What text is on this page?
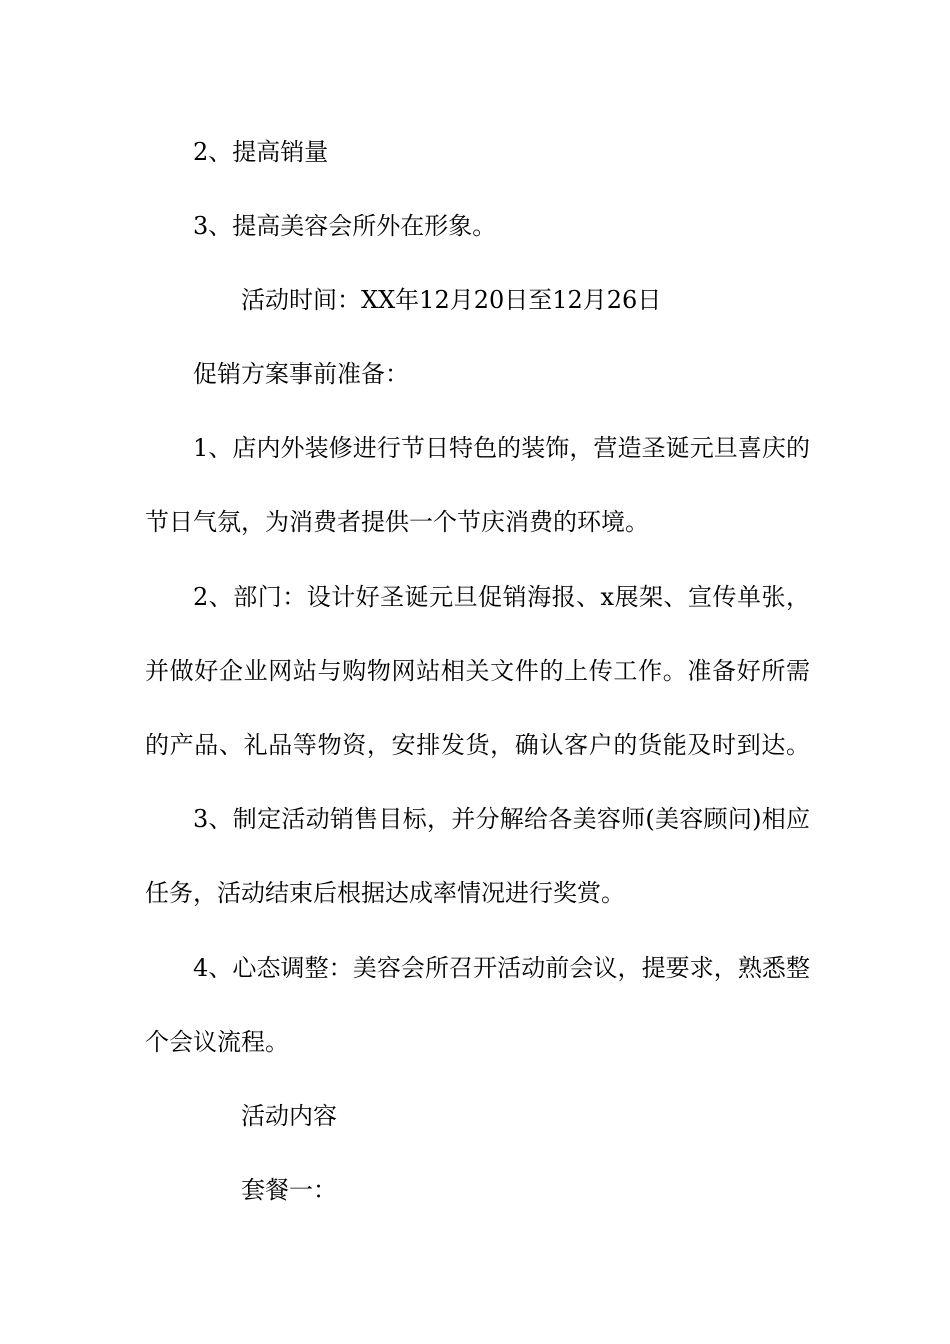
2、提高销量
3、提高美容会所外在形象。
活动时间：XX年12月20日至12月26日
促销方案事前准备：
1、店内外装修进行节日特色的装饰，营造圣诞元旦喜庆的
节日气氛，为消费者提供一个节庆消费的环境。
2、部门：设计好圣诞元旦促销海报、x展架、宣传单张，
并做好企业网站与购物网站相关文件的上传工作。准备好所需
的产品、礼品等物资，安排发货，确认客户的货能及时到达。
3、制定活动销售目标，并分解给各美容师(美容顾问)相应
任务，活动结束后根据达成率情况进行奖赏。
4、心态调整：美容会所召开活动前会议，提要求，熟悉整
个会议流程。
活动内容
套餐一：
